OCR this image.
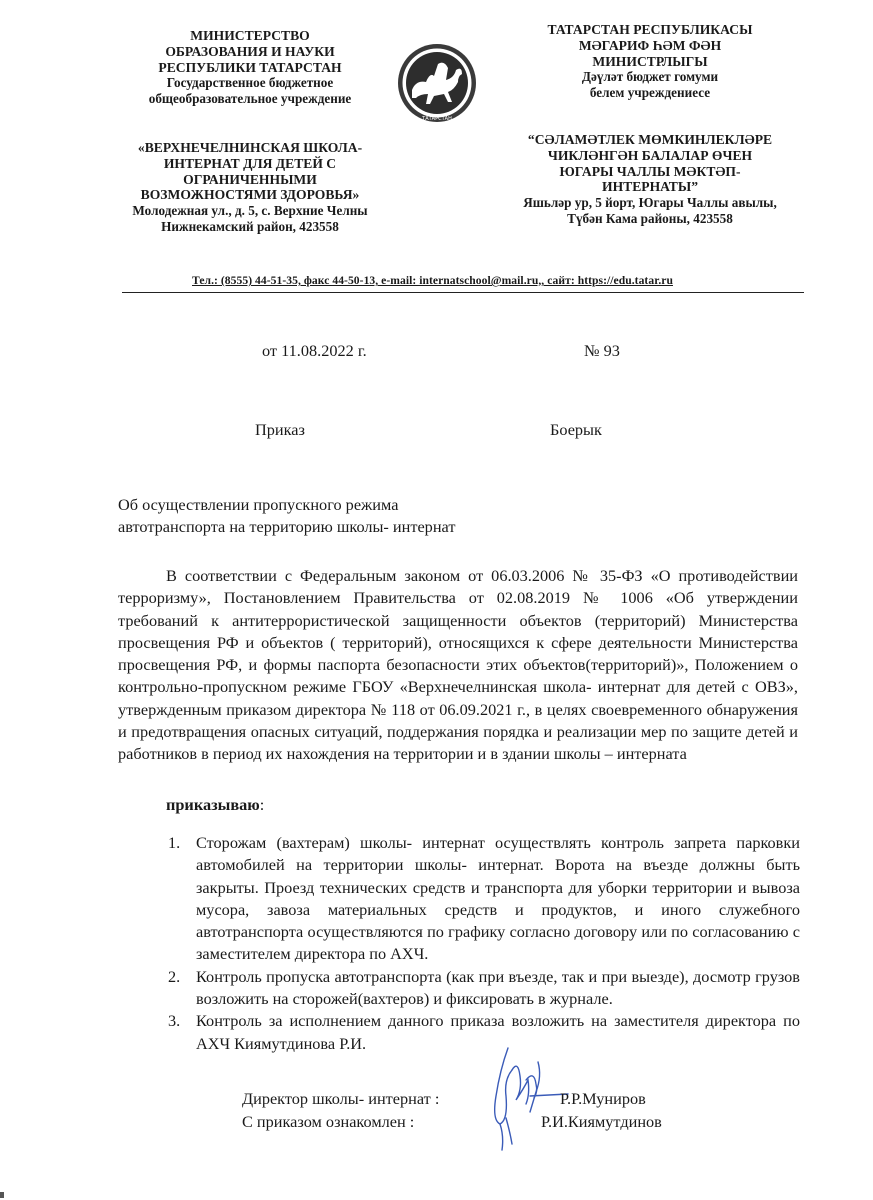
МИНИСТЕРСТВО
ОБРАЗОВАНИЯ И НАУКИ
РЕСПУБЛИКИ ТАТАРСТАН
Государственное бюджетное
общеобразовательное учреждение
«ВЕРХНЕЧЕЛНИНСКАЯ ШКОЛА-
ИНТЕРНАТ ДЛЯ ДЕТЕЙ С
ОГРАНИЧЕННЫМИ
ВОЗМОЖНОСТЯМИ ЗДОРОВЬЯ»
Молодежная ул., д. 5, с. Верхние Челны
Нижнекамский район, 423558
ТАТАРСТАН
ТАТАРСТАН РЕСПУБЛИКАСЫ
МӘГАРИФ ҺӘМ ФӘН
МИНИСТРЛЫГЫ
Дәүләт бюджет гомуми
белем учреждениесе
“СӘЛАМӘТЛЕК МӨМКИНЛЕКЛӘРЕ
ЧИКЛӘНГӘН БАЛАЛАР ӨЧЕН
ЮГАРЫ ЧАЛЛЫ МӘКТӘП-
ИНТЕРНАТЫ”
Яшьләр ур, 5 йорт, Югары Чаллы авылы,
Түбән Кама районы, 423558
Тел.: (8555) 44-51-35, факс 44-50-13, e-mail: internatschool@mail.ru,, сайт: https://edu.tatar.ru
от 11.08.2022 г.	№ 93
Приказ	Боерык
Об осуществлении пропускного режима
автотранспорта на территорию школы- интернат
В соответствии с Федеральным законом от 06.03.2006 № 35-ФЗ «О противодействии терроризму», Постановлением Правительства от 02.08.2019 № 1006 «Об утверждении требований к антитеррористической защищенности объектов (территорий) Министерства просвещения РФ и объектов ( территорий), относящихся к сфере деятельности Министерства просвещения РФ, и формы паспорта безопасности этих объектов(территорий)», Положением о контрольно-пропускном режиме ГБОУ «Верхнечелнинская школа- интернат для детей с ОВЗ», утвержденным приказом директора № 118 от 06.09.2021 г., в целях своевременного обнаружения и предотвращения опасных ситуаций, поддержания порядка и реализации мер по защите детей и работников в период их нахождения на территории и в здании школы – интерната
приказываю:
1. Сторожам (вахтерам) школы- интернат осуществлять контроль запрета парковки автомобилей на территории школы- интернат. Ворота на въезде должны быть закрыты. Проезд технических средств и транспорта для уборки территории и вывоза мусора, завоза материальных средств и продуктов, и иного служебного автотранспорта осуществляются по графику согласно договору или по согласованию с заместителем директора по АХЧ.
2. Контроль пропуска автотранспорта (как при въезде, так и при выезде), досмотр грузов возложить на сторожей(вахтеров) и фиксировать в журнале.
3. Контроль за исполнением данного приказа возложить на заместителя директора по АХЧ Киямутдинова Р.И.
Директор школы- интернат :
С приказом ознакомлен :
Р.Р.Муниров
Р.И.Киямутдинов
